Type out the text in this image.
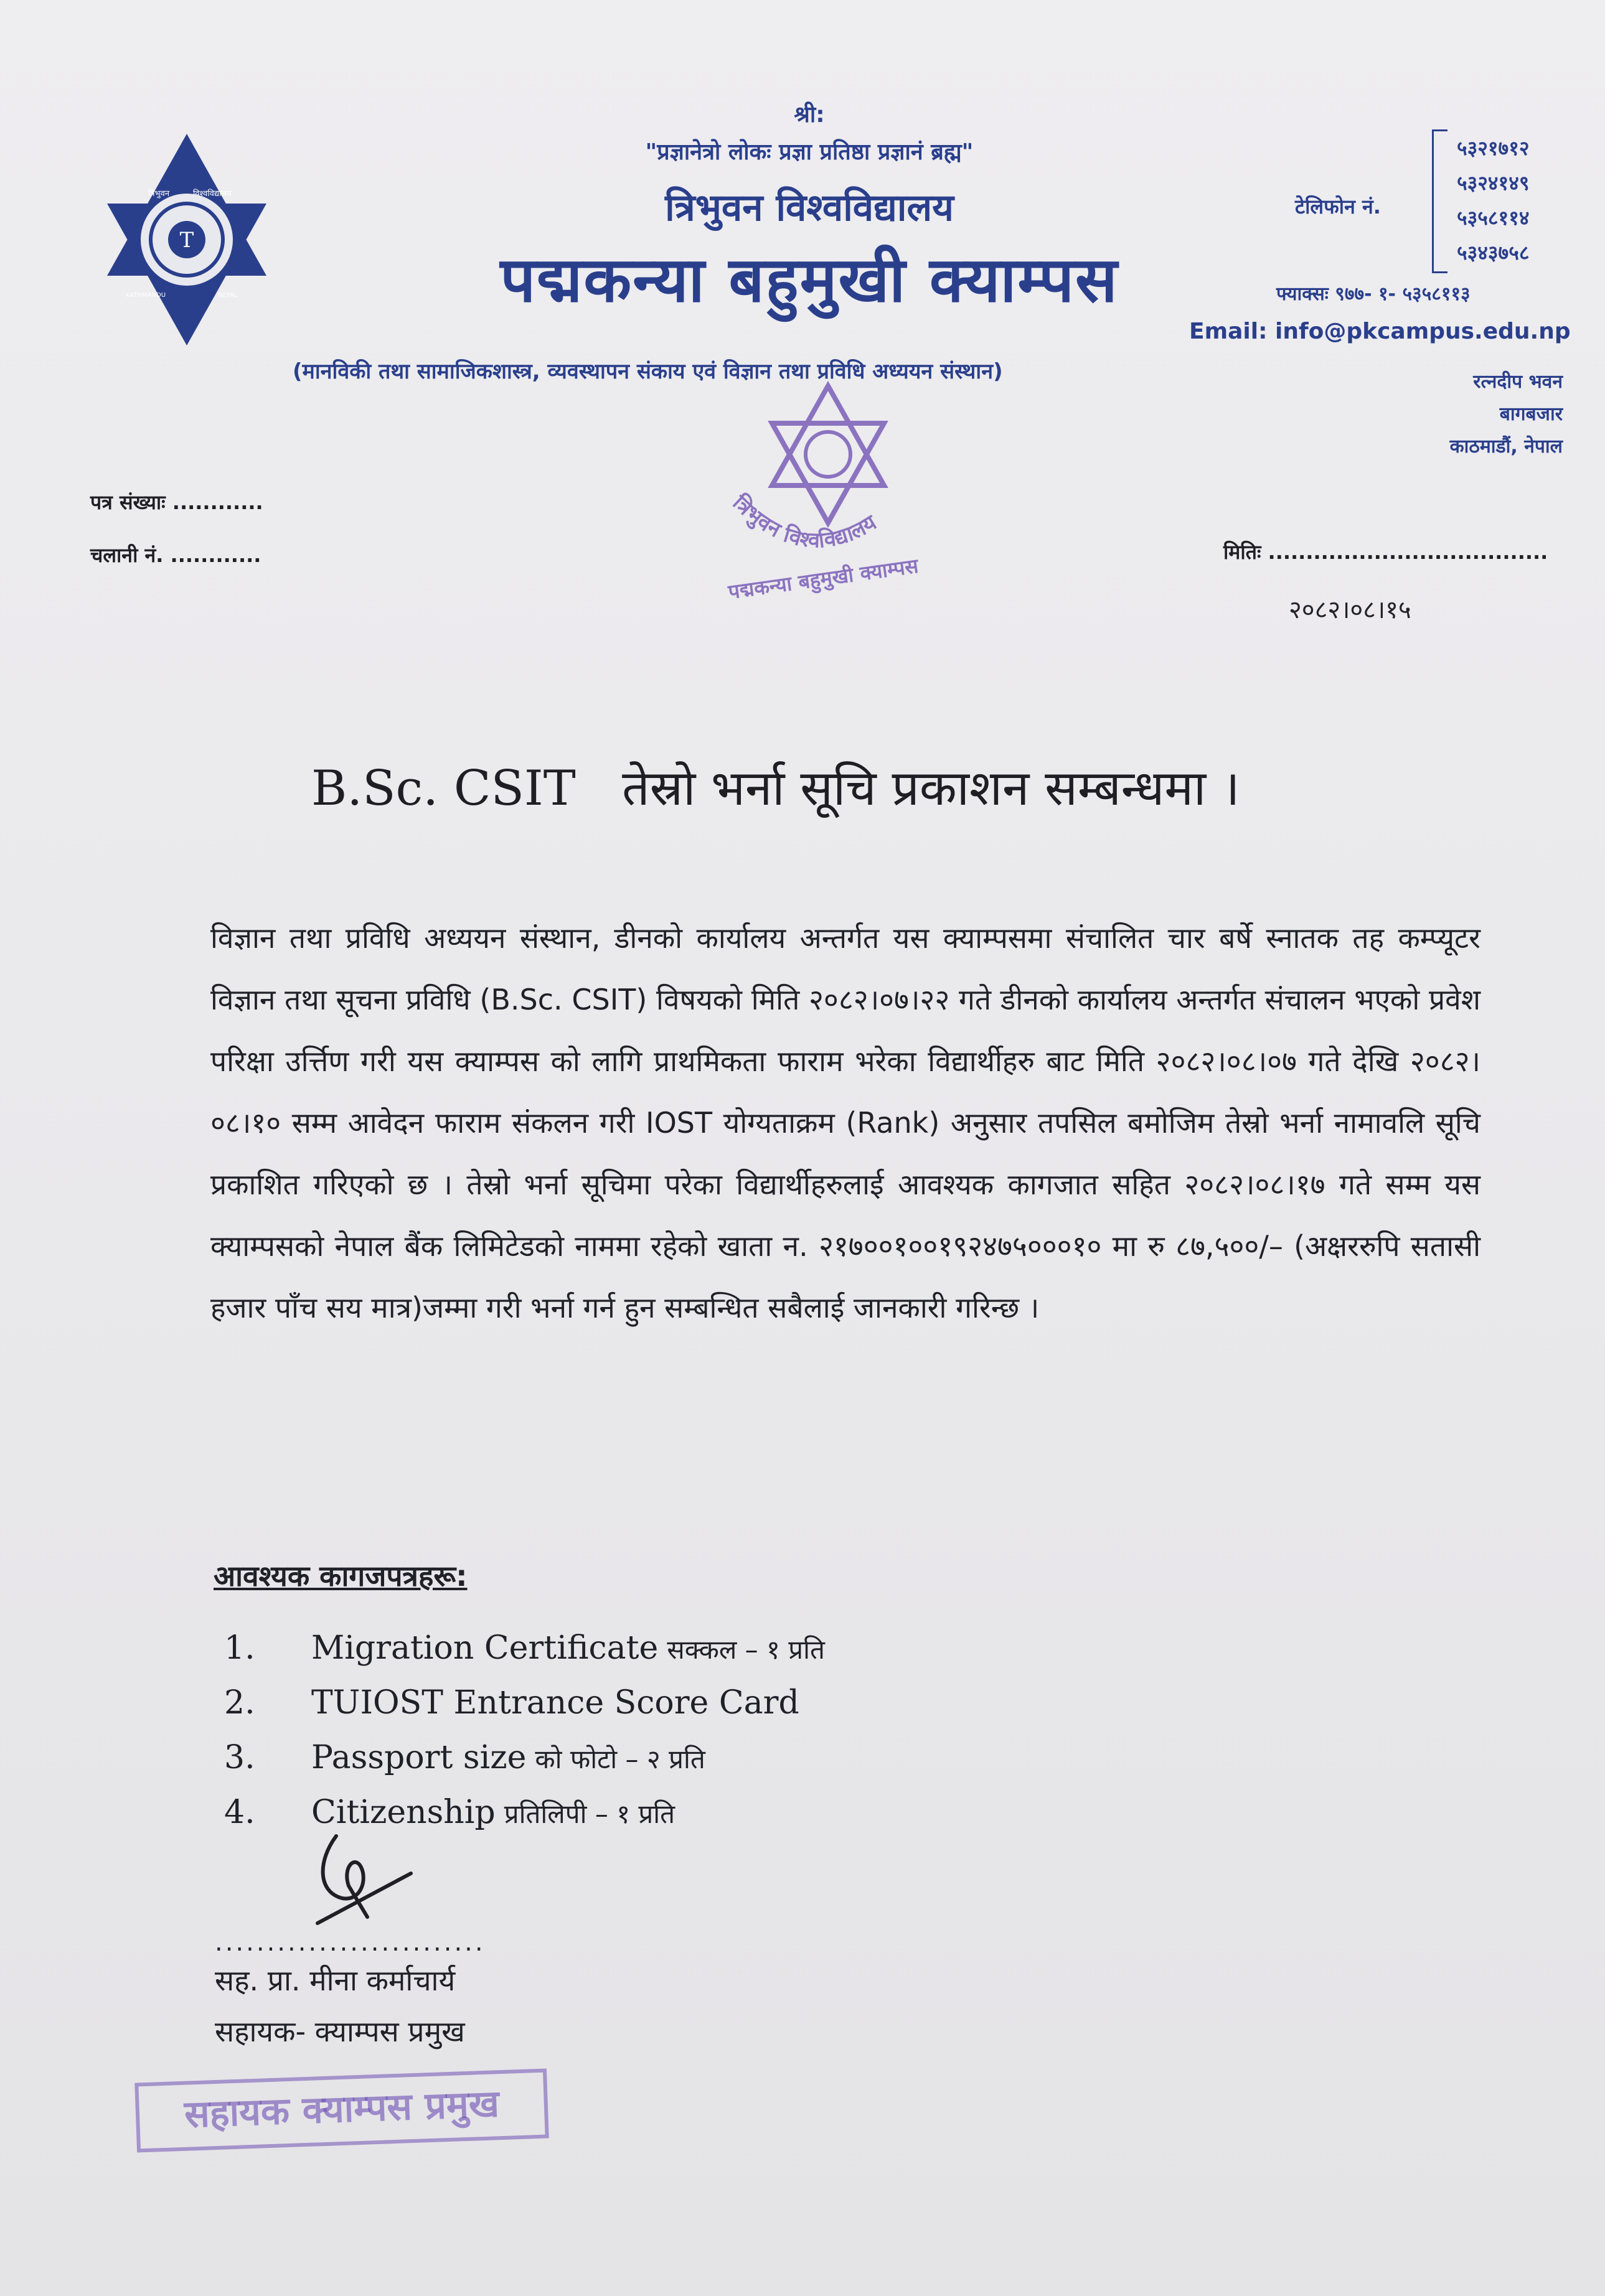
T
त्रिभुवन	विश्वविद्यालय
KATHMANDU	NEPAL
श्री:
"प्रज्ञानेत्रो लोकः प्रज्ञा प्रतिष्ठा प्रज्ञानं ब्रह्म"
त्रिभुवन विश्वविद्यालय
पद्मकन्या बहुमुखी क्याम्पस
(मानविकी तथा सामाजिकशास्त्र, व्यवस्थापन संकाय एवं विज्ञान तथा प्रविधि अध्ययन संस्थान)
टेलिफोन नं.
५३२१७१२
५३२४१४९
५३५८११४
५३४३७५८
फ्याक्सः ९७७- १- ५३५८११३
Email: info@pkcampus.edu.np
रत्नदीप भवन
बागबजार
काठमाडौं, नेपाल
त्रिभुवन विश्वविद्यालय
पद्मकन्या बहुमुखी क्याम्पस
पत्र संख्याः ............
चलानी नं. ............	मितिः .....................................
२०८२।०८।१५
B.Sc. CSIT तेस्रो भर्ना सूचि प्रकाशन सम्बन्धमा ।
विज्ञान तथा प्रविधि अध्ययन संस्थान, डीनको कार्यालय अन्तर्गत यस क्याम्पसमा संचालित चार बर्षे स्नातक तह कम्प्यूटर विज्ञान तथा सूचना प्रविधि (B.Sc. CSIT) विषयको मिति २०८२।०७।२२ गते डीनको कार्यालय अन्तर्गत संचालन भएको प्रवेश परिक्षा उर्त्तिण गरी यस क्याम्पस को लागि प्राथमिकता फाराम भरेका विद्यार्थीहरु बाट मिति २०८२।०८।०७ गते देखि २०८२।०८।१० सम्म आवेदन फाराम संकलन गरी IOST योग्यताक्रम (Rank) अनुसार तपसिल बमोजिम तेस्रो भर्ना नामावलि सूचि प्रकाशित गरिएको छ । तेस्रो भर्ना सूचिमा परेका विद्यार्थीहरुलाई आवश्यक कागजात सहित २०८२।०८।१७ गते सम्म यस क्याम्पसको नेपाल बैंक लिमिटेडको नाममा रहेको खाता न. २१७००१००१९२४७५०००१० मा रु ८७,५००/– (अक्षररुपि सतासी हजार पाँच सय मात्र)जम्मा गरी भर्ना गर्न हुन सम्बन्धित सबैलाई जानकारी गरिन्छ ।
आवश्यक कागजपत्रहरू:
1.	Migration Certificate सक्कल – १ प्रति
2.	TUIOST Entrance Score Card
3.	Passport size को फोटो – २ प्रति
4.	Citizenship प्रतिलिपी – १ प्रति
..........................
सह. प्रा. मीना कर्माचार्य
सहायक- क्याम्पस प्रमुख
सहायक क्याम्पस प्रमुख
